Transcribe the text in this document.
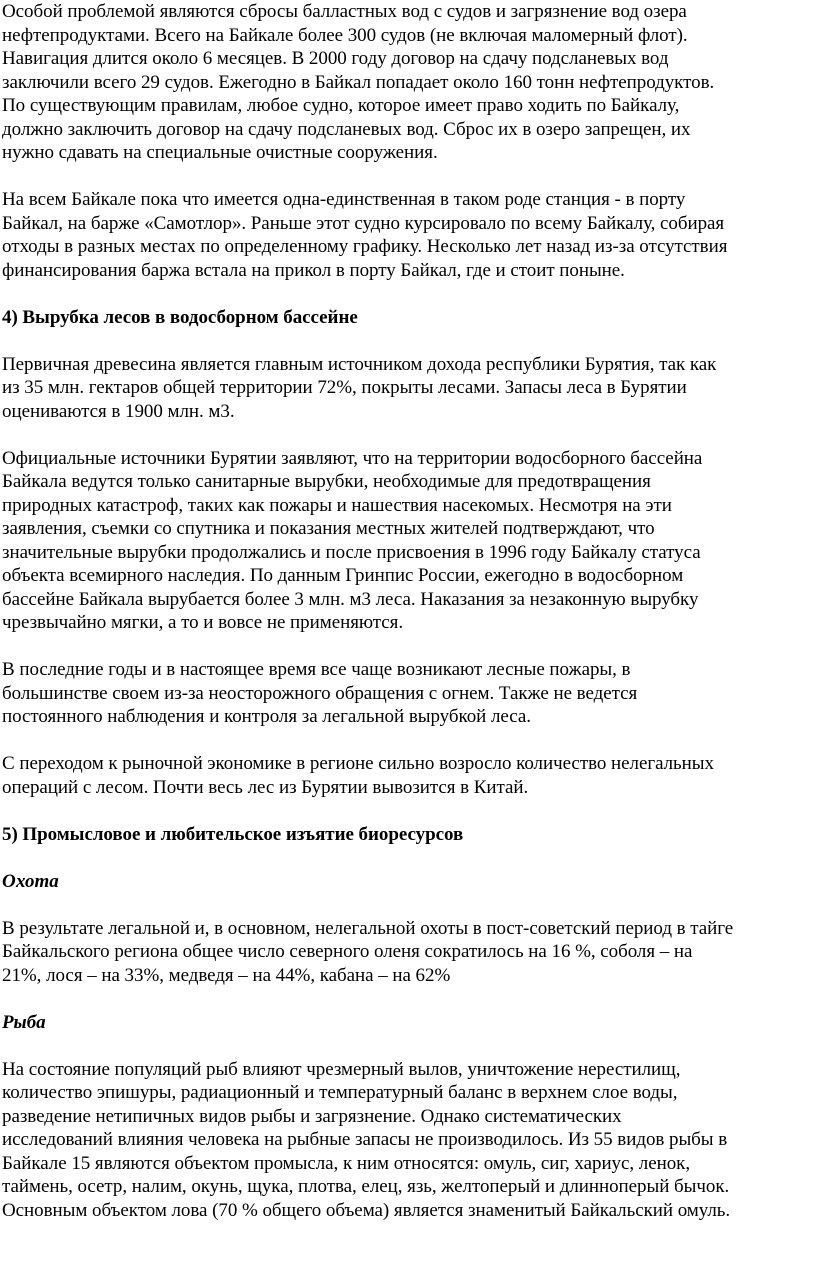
Особой проблемой являются сбросы балластных вод с судов и загрязнение вод озера
нефтепродуктами. Всего на Байкале более 300 судов (не включая маломерный флот).
Навигация длится около 6 месяцев. В 2000 году договор на сдачу подсланевых вод
заключили всего 29 судов. Ежегодно в Байкал попадает около 160 тонн нефтепродуктов.
По существующим правилам, любое судно, которое имеет право ходить по Байкалу,
должно заключить договор на сдачу подсланевых вод. Сброс их в озеро запрещен, их
нужно сдавать на специальные очистные сооружения.

На всем Байкале пока что имеется одна-единственная в таком роде станция - в порту
Байкал, на барже «Самотлор». Раньше этот судно курсировало по всему Байкалу, собирая
отходы в разных местах по определенному графику. Несколько лет назад из-за отсутствия
финансирования баржа встала на прикол в порту Байкал, где и стоит поныне.

4) Вырубка лесов в водосборном бассейне

Первичная древесина является главным источником дохода республики Бурятия, так как
из 35 млн. гектаров общей территории 72%, покрыты лесами. Запасы леса в Бурятии
оцениваются в 1900 млн. м3.

Официальные источники Бурятии заявляют, что на территории водосборного бассейна
Байкала ведутся только санитарные вырубки, необходимые для предотвращения
природных катастроф, таких как пожары и нашествия насекомых. Несмотря на эти
заявления, съемки со спутника и показания местных жителей подтверждают, что
значительные вырубки продолжались и после присвоения в 1996 году Байкалу статуса
объекта всемирного наследия. По данным Гринпис России, ежегодно в водосборном
бассейне Байкала вырубается более 3 млн. м3 леса. Наказания за незаконную вырубку
чрезвычайно мягки, а то и вовсе не применяются.

В последние годы и в настоящее время все чаще возникают лесные пожары, в
большинстве своем из-за неосторожного обращения с огнем. Также не ведется
постоянного наблюдения и контроля за легальной вырубкой леса.

С переходом к рыночной экономике в регионе сильно возросло количество нелегальных
операций с лесом. Почти весь лес из Бурятии вывозится в Китай.

5) Промысловое и любительское изъятие биоресурсов

Охота

В результате легальной и, в основном, нелегальной охоты в пост-советский период в тайге
Байкальского региона общее число северного оленя сократилось на 16 %, соболя – на
21%, лося – на 33%, медведя – на 44%, кабана – на 62%

Рыба

На состояние популяций рыб влияют чрезмерный вылов, уничтожение нерестилищ,
количество эпишуры, радиационный и температурный баланс в верхнем слое воды,
разведение нетипичных видов рыбы и загрязнение. Однако систематических
исследований влияния человека на рыбные запасы не производилось. Из 55 видов рыбы в
Байкале 15 являются объектом промысла, к ним относятся: омуль, сиг, хариус, ленок,
таймень, осетр, налим, окунь, щука, плотва, елец, язь, желтоперый и длиннoперый бычок.
Основным объектом лова (70 % общего объема) является знаменитый Байкальский омуль.
